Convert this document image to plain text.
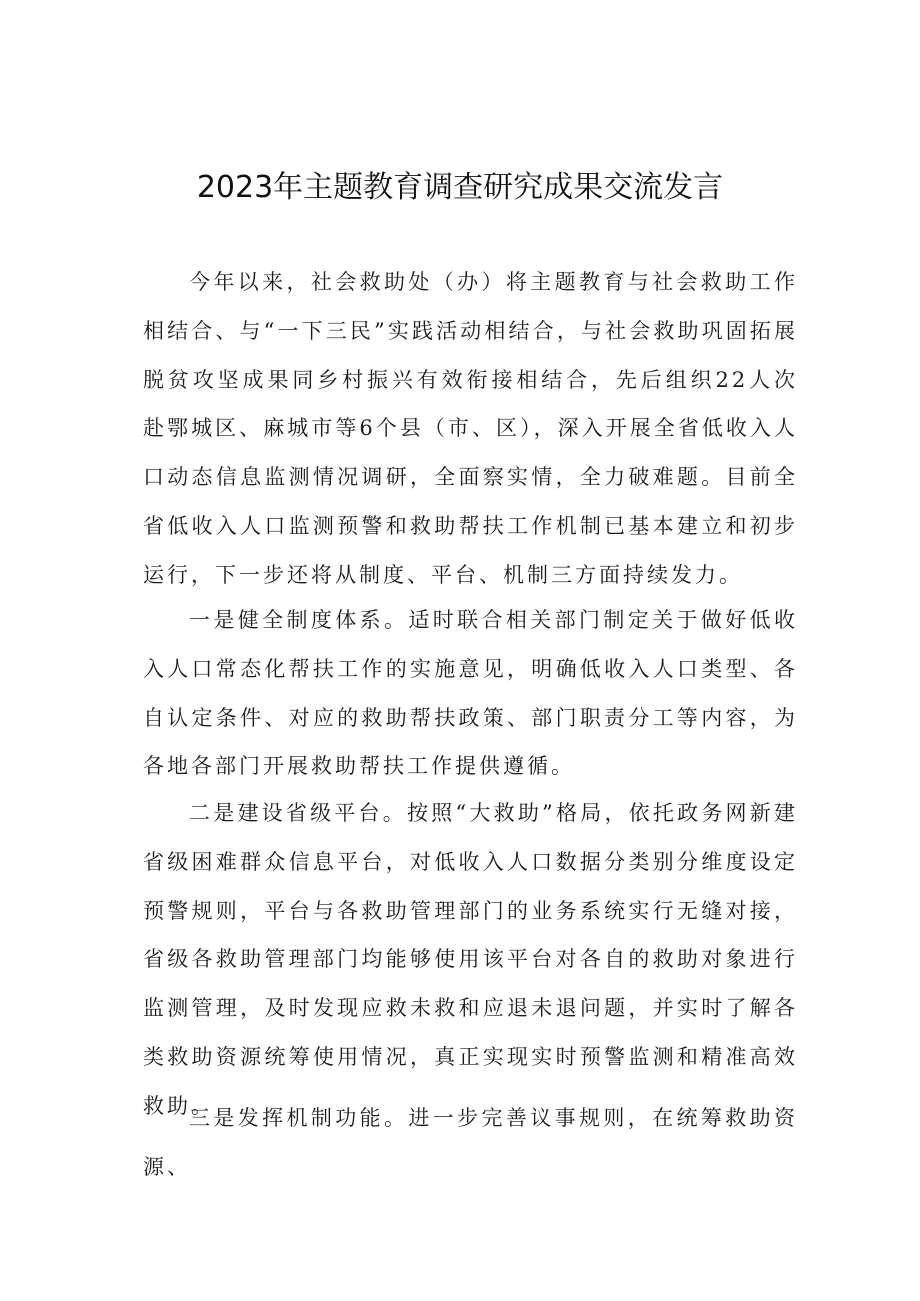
2023年主题教育调查研究成果交流发言

今年以来，社会救助处（办）将主题教育与社会救助工作相结合、与“一下三民”实践活动相结合，与社会救助巩固拓展脱贫攻坚成果同乡村振兴有效衔接相结合，先后组织22人次赴鄂城区、麻城市等6个县（市、区），深入开展全省低收入人口动态信息监测情况调研，全面察实情，全力破难题。目前全省低收入人口监测预警和救助帮扶工作机制已基本建立和初步运行，下一步还将从制度、平台、机制三方面持续发力。

一是健全制度体系。适时联合相关部门制定关于做好低收入人口常态化帮扶工作的实施意见，明确低收入人口类型、各自认定条件、对应的救助帮扶政策、部门职责分工等内容，为各地各部门开展救助帮扶工作提供遵循。

二是建设省级平台。按照“大救助”格局，依托政务网新建省级困难群众信息平台，对低收入人口数据分类别分维度设定预警规则，平台与各救助管理部门的业务系统实行无缝对接，省级各救助管理部门均能够使用该平台对各自的救助对象进行监测管理，及时发现应救未救和应退未退问题，并实时了解各类救助资源统筹使用情况，真正实现实时预警监测和精准高效救助。

三是发挥机制功能。进一步完善议事规则，在统筹救助资源、
